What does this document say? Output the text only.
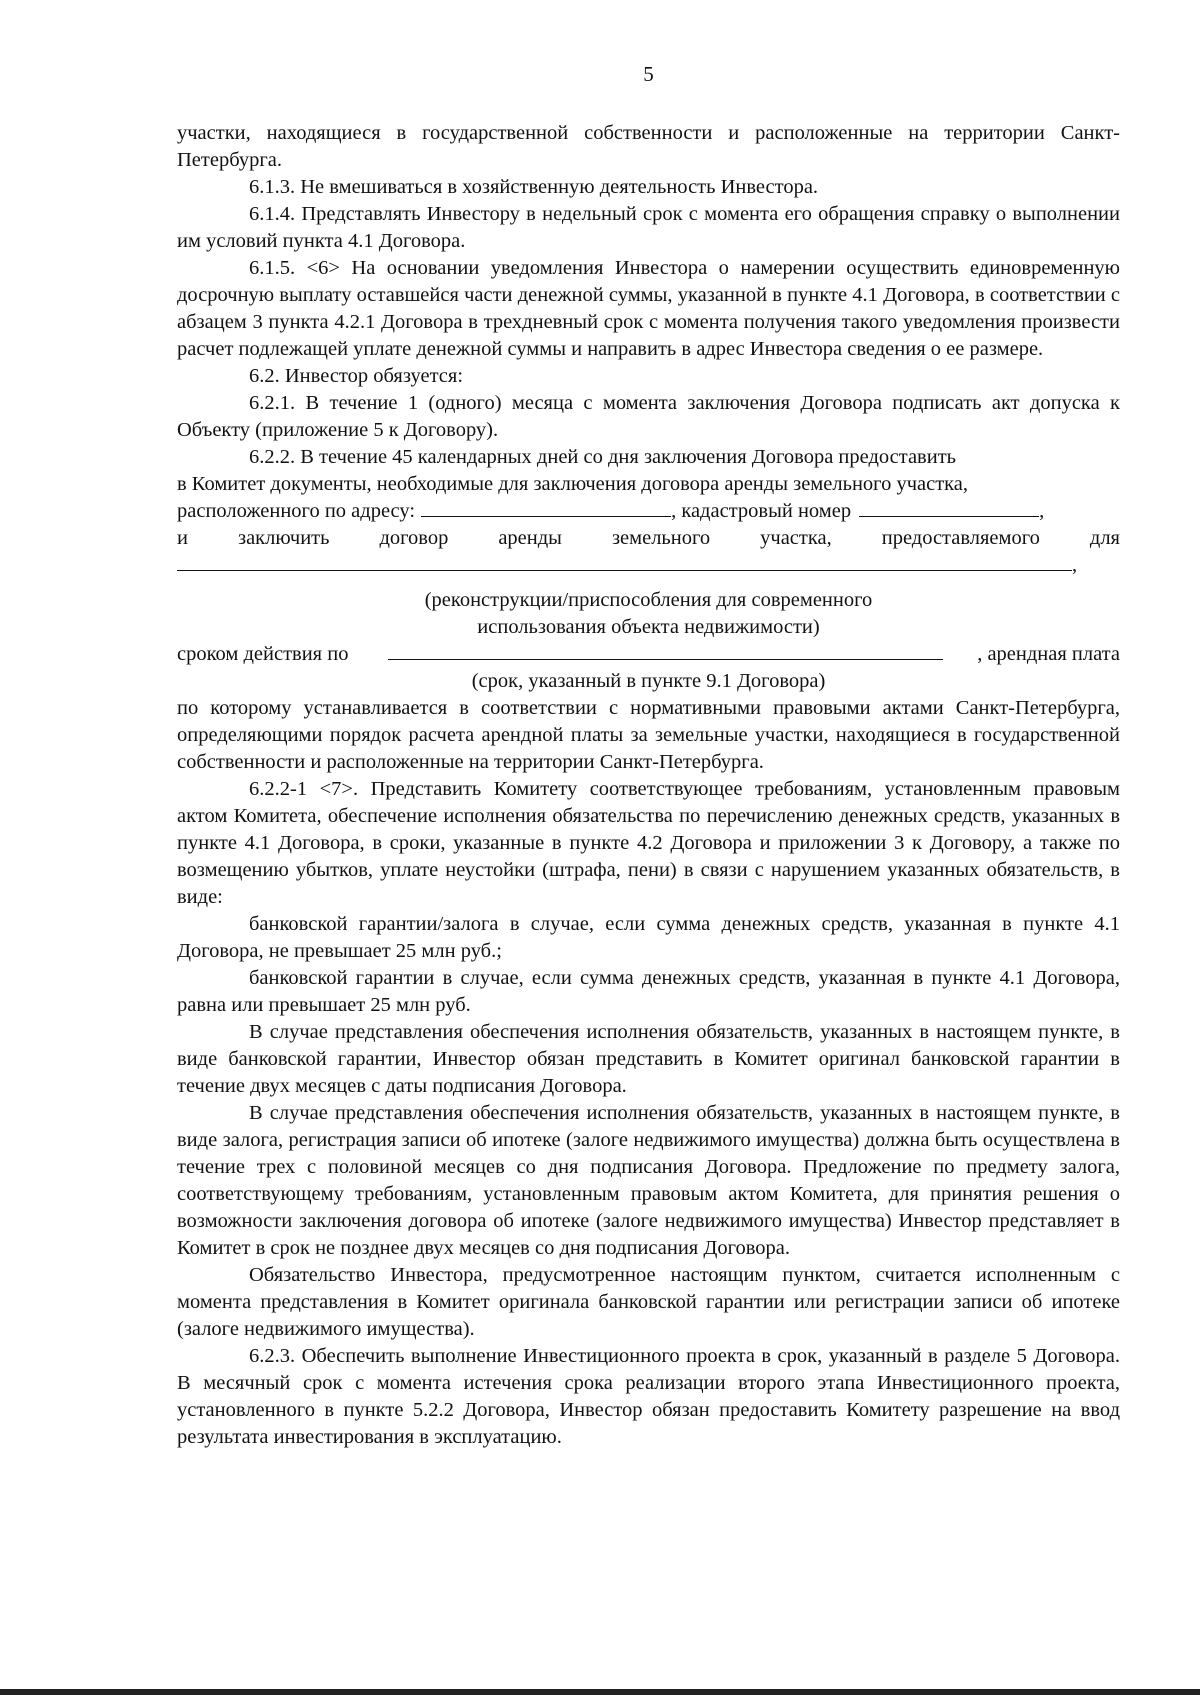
5

участки, находящиеся в государственной собственности и расположенные на территории Санкт-Петербурга.

6.1.3. Не вмешиваться в хозяйственную деятельность Инвестора.

6.1.4. Представлять Инвестору в недельный срок с момента его обращения справку о выполнении им условий пункта 4.1 Договора.

6.1.5. <6> На основании уведомления Инвестора о намерении осуществить единовременную досрочную выплату оставшейся части денежной суммы, указанной в пункте 4.1 Договора, в соответствии с абзацем 3 пункта 4.2.1 Договора в трехдневный срок с момента получения такого уведомления произвести расчет подлежащей уплате денежной суммы и направить в адрес Инвестора сведения о ее размере.

6.2. Инвестор обязуется:

6.2.1. В течение 1 (одного) месяца с момента заключения Договора подписать акт допуска к Объекту (приложение 5 к Договору).

6.2.2. В течение 45 календарных дней со дня заключения Договора предоставить
в Комитет документы, необходимые для заключения договора аренды земельного участка,
расположенного по адресу:	, кадастровый номер	,
и заключить договор аренды земельного участка, предоставляемого для
,
(реконструкции/приспособления для современного
использования объекта недвижимости)
сроком действия по	, арендная плата
(срок, указанный в пункте 9.1 Договора)

по которому устанавливается в соответствии с нормативными правовыми актами Санкт-Петербурга, определяющими порядок расчета арендной платы за земельные участки, находящиеся в государственной собственности и расположенные на территории Санкт-Петербурга.

6.2.2-1 <7>. Представить Комитету соответствующее требованиям, установленным правовым актом Комитета, обеспечение исполнения обязательства по перечислению денежных средств, указанных в пункте 4.1 Договора, в сроки, указанные в пункте 4.2 Договора и приложении 3 к Договору, а также по возмещению убытков, уплате неустойки (штрафа, пени) в связи с нарушением указанных обязательств, в виде:

банковской гарантии/залога в случае, если сумма денежных средств, указанная в пункте 4.1 Договора, не превышает 25 млн руб.;

банковской гарантии в случае, если сумма денежных средств, указанная в пункте 4.1 Договора, равна или превышает 25 млн руб.

В случае представления обеспечения исполнения обязательств, указанных в настоящем пункте, в виде банковской гарантии, Инвестор обязан представить в Комитет оригинал банковской гарантии в течение двух месяцев с даты подписания Договора.

В случае представления обеспечения исполнения обязательств, указанных в настоящем пункте, в виде залога, регистрация записи об ипотеке (залоге недвижимого имущества) должна быть осуществлена в течение трех с половиной месяцев со дня подписания Договора. Предложение по предмету залога, соответствующему требованиям, установленным правовым актом Комитета, для принятия решения о возможности заключения договора об ипотеке (залоге недвижимого имущества) Инвестор представляет в Комитет в срок не позднее двух месяцев со дня подписания Договора.

Обязательство Инвестора, предусмотренное настоящим пунктом, считается исполненным с момента представления в Комитет оригинала банковской гарантии или регистрации записи об ипотеке (залоге недвижимого имущества).

6.2.3. Обеспечить выполнение Инвестиционного проекта в срок, указанный в разделе 5 Договора. В месячный срок с момента истечения срока реализации второго этапа Инвестиционного проекта, установленного в пункте 5.2.2 Договора, Инвестор обязан предоставить Комитету разрешение на ввод результата инвестирования в эксплуатацию.
